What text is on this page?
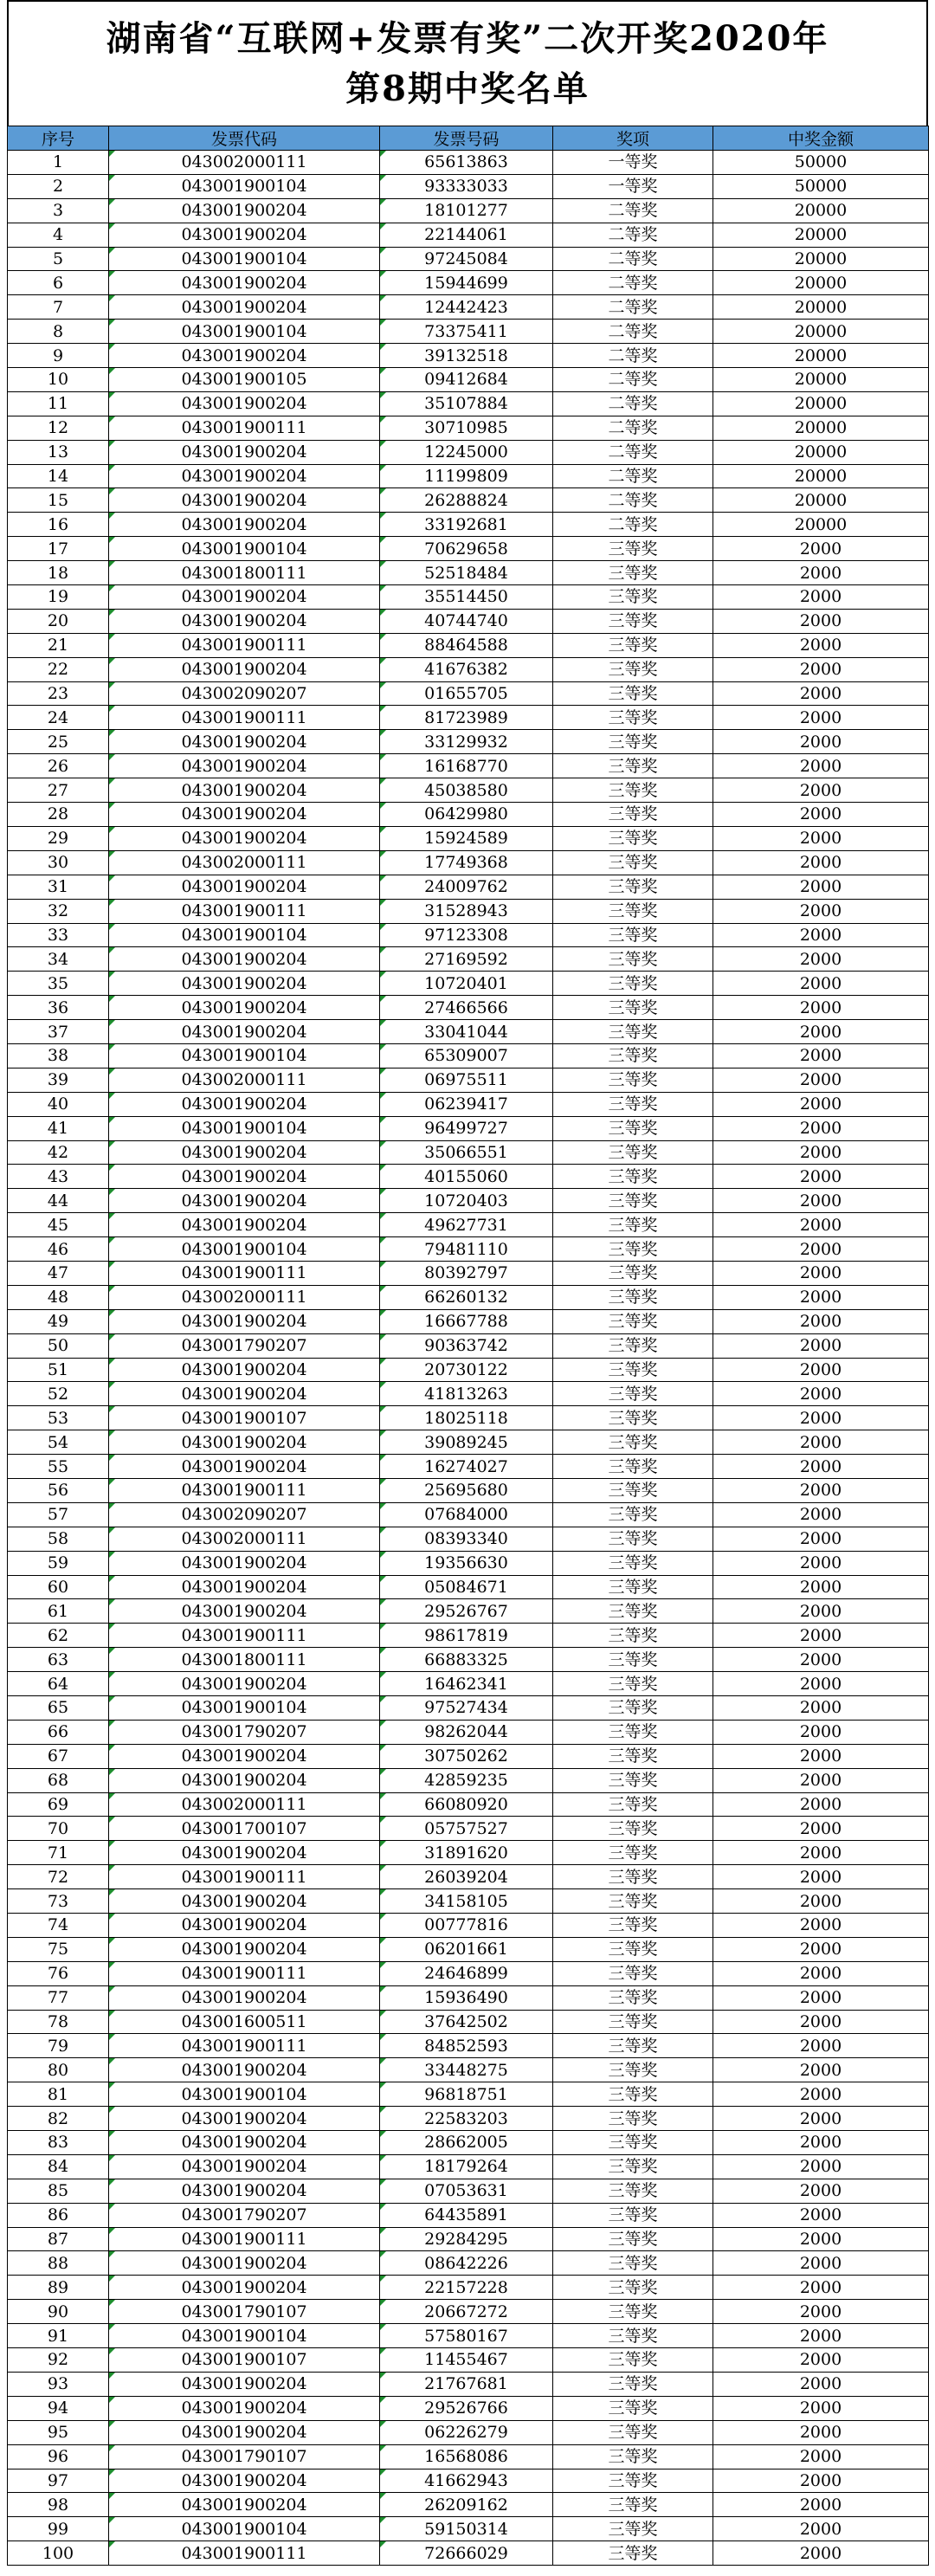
湖南省“互联网+发票有奖”二次开奖2020年
第8期中奖名单
序号	发票代码	发票号码	奖项	中奖金额
1	043002000111	65613863	一等奖	50000
2	043001900104	93333033	一等奖	50000
3	043001900204	18101277	二等奖	20000
4	043001900204	22144061	二等奖	20000
5	043001900104	97245084	二等奖	20000
6	043001900204	15944699	二等奖	20000
7	043001900204	12442423	二等奖	20000
8	043001900104	73375411	二等奖	20000
9	043001900204	39132518	二等奖	20000
10	043001900105	09412684	二等奖	20000
11	043001900204	35107884	二等奖	20000
12	043001900111	30710985	二等奖	20000
13	043001900204	12245000	二等奖	20000
14	043001900204	11199809	二等奖	20000
15	043001900204	26288824	二等奖	20000
16	043001900204	33192681	二等奖	20000
17	043001900104	70629658	三等奖	2000
18	043001800111	52518484	三等奖	2000
19	043001900204	35514450	三等奖	2000
20	043001900204	40744740	三等奖	2000
21	043001900111	88464588	三等奖	2000
22	043001900204	41676382	三等奖	2000
23	043002090207	01655705	三等奖	2000
24	043001900111	81723989	三等奖	2000
25	043001900204	33129932	三等奖	2000
26	043001900204	16168770	三等奖	2000
27	043001900204	45038580	三等奖	2000
28	043001900204	06429980	三等奖	2000
29	043001900204	15924589	三等奖	2000
30	043002000111	17749368	三等奖	2000
31	043001900204	24009762	三等奖	2000
32	043001900111	31528943	三等奖	2000
33	043001900104	97123308	三等奖	2000
34	043001900204	27169592	三等奖	2000
35	043001900204	10720401	三等奖	2000
36	043001900204	27466566	三等奖	2000
37	043001900204	33041044	三等奖	2000
38	043001900104	65309007	三等奖	2000
39	043002000111	06975511	三等奖	2000
40	043001900204	06239417	三等奖	2000
41	043001900104	96499727	三等奖	2000
42	043001900204	35066551	三等奖	2000
43	043001900204	40155060	三等奖	2000
44	043001900204	10720403	三等奖	2000
45	043001900204	49627731	三等奖	2000
46	043001900104	79481110	三等奖	2000
47	043001900111	80392797	三等奖	2000
48	043002000111	66260132	三等奖	2000
49	043001900204	16667788	三等奖	2000
50	043001790207	90363742	三等奖	2000
51	043001900204	20730122	三等奖	2000
52	043001900204	41813263	三等奖	2000
53	043001900107	18025118	三等奖	2000
54	043001900204	39089245	三等奖	2000
55	043001900204	16274027	三等奖	2000
56	043001900111	25695680	三等奖	2000
57	043002090207	07684000	三等奖	2000
58	043002000111	08393340	三等奖	2000
59	043001900204	19356630	三等奖	2000
60	043001900204	05084671	三等奖	2000
61	043001900204	29526767	三等奖	2000
62	043001900111	98617819	三等奖	2000
63	043001800111	66883325	三等奖	2000
64	043001900204	16462341	三等奖	2000
65	043001900104	97527434	三等奖	2000
66	043001790207	98262044	三等奖	2000
67	043001900204	30750262	三等奖	2000
68	043001900204	42859235	三等奖	2000
69	043002000111	66080920	三等奖	2000
70	043001700107	05757527	三等奖	2000
71	043001900204	31891620	三等奖	2000
72	043001900111	26039204	三等奖	2000
73	043001900204	34158105	三等奖	2000
74	043001900204	00777816	三等奖	2000
75	043001900204	06201661	三等奖	2000
76	043001900111	24646899	三等奖	2000
77	043001900204	15936490	三等奖	2000
78	043001600511	37642502	三等奖	2000
79	043001900111	84852593	三等奖	2000
80	043001900204	33448275	三等奖	2000
81	043001900104	96818751	三等奖	2000
82	043001900204	22583203	三等奖	2000
83	043001900204	28662005	三等奖	2000
84	043001900204	18179264	三等奖	2000
85	043001900204	07053631	三等奖	2000
86	043001790207	64435891	三等奖	2000
87	043001900111	29284295	三等奖	2000
88	043001900204	08642226	三等奖	2000
89	043001900204	22157228	三等奖	2000
90	043001790107	20667272	三等奖	2000
91	043001900104	57580167	三等奖	2000
92	043001900107	11455467	三等奖	2000
93	043001900204	21767681	三等奖	2000
94	043001900204	29526766	三等奖	2000
95	043001900204	06226279	三等奖	2000
96	043001790107	16568086	三等奖	2000
97	043001900204	41662943	三等奖	2000
98	043001900204	26209162	三等奖	2000
99	043001900104	59150314	三等奖	2000
100	043001900111	72666029	三等奖	2000
